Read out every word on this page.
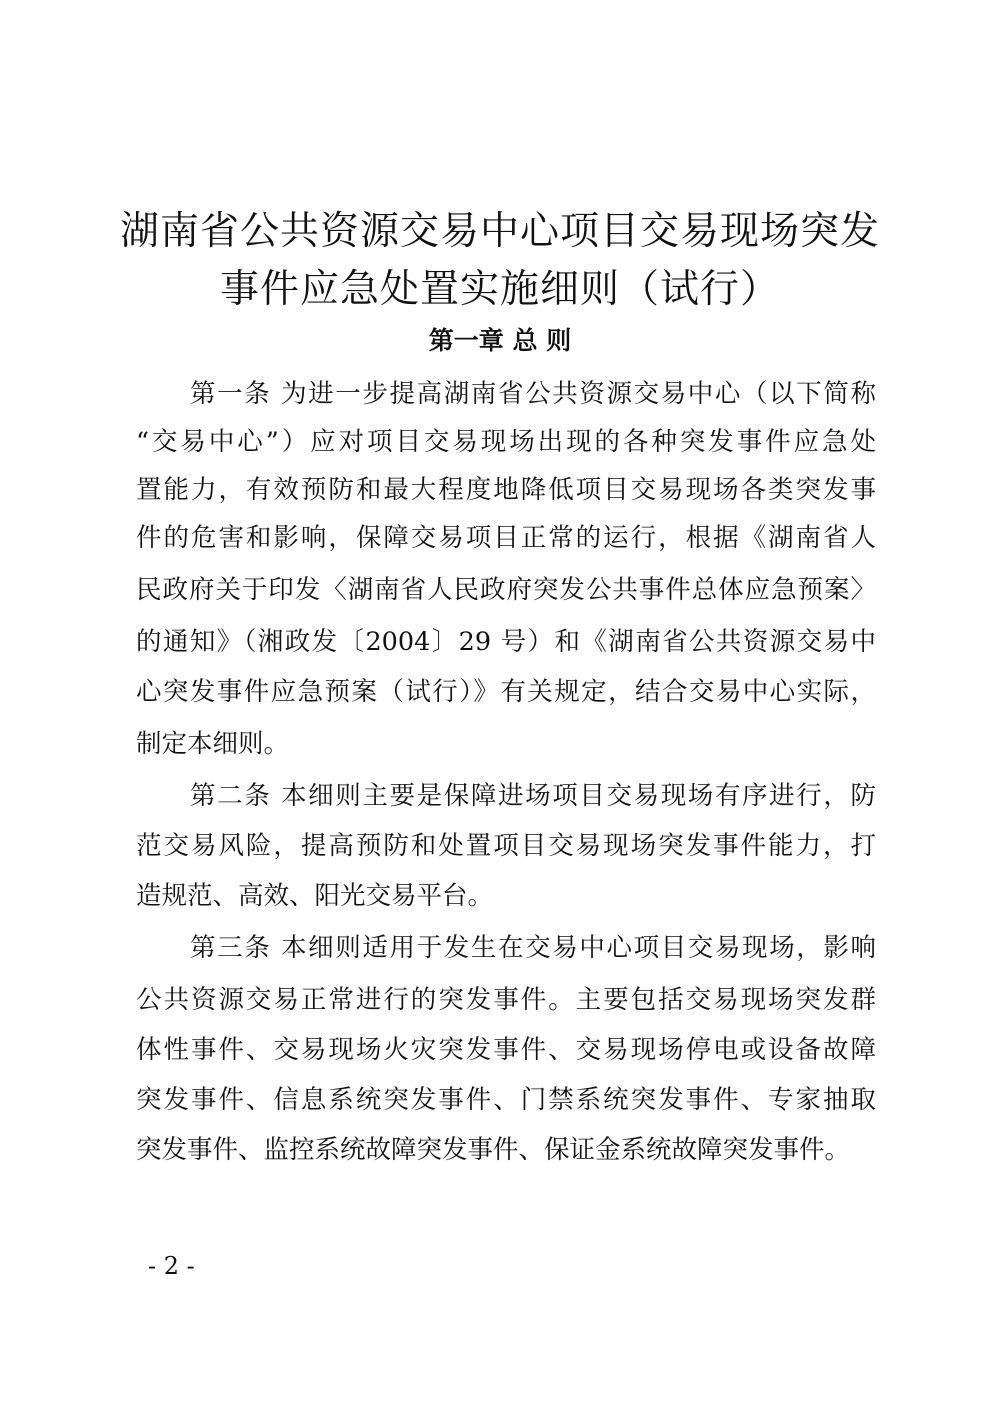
湖南省公共资源交易中心项目交易现场突发
事件应急处置实施细则（试行）
第一章 总 则
第一条 为进一步提高湖南省公共资源交易中心（以下简称
“交易中心”）应对项目交易现场出现的各种突发事件应急处
置能力，有效预防和最大程度地降低项目交易现场各类突发事
件的危害和影响，保障交易项目正常的运行，根据《湖南省人
民政府关于印发〈湖南省人民政府突发公共事件总体应急预案〉
的通知》（湘政发〔2004〕29 号）和《湖南省公共资源交易中
心突发事件应急预案（试行）》有关规定，结合交易中心实际，
制定本细则。
第二条 本细则主要是保障进场项目交易现场有序进行，防
范交易风险，提高预防和处置项目交易现场突发事件能力，打
造规范、高效、阳光交易平台。
第三条 本细则适用于发生在交易中心项目交易现场，影响
公共资源交易正常进行的突发事件。主要包括交易现场突发群
体性事件、交易现场火灾突发事件、交易现场停电或设备故障
突发事件、信息系统突发事件、门禁系统突发事件、专家抽取
突发事件、监控系统故障突发事件、保证金系统故障突发事件。
- 2 -
